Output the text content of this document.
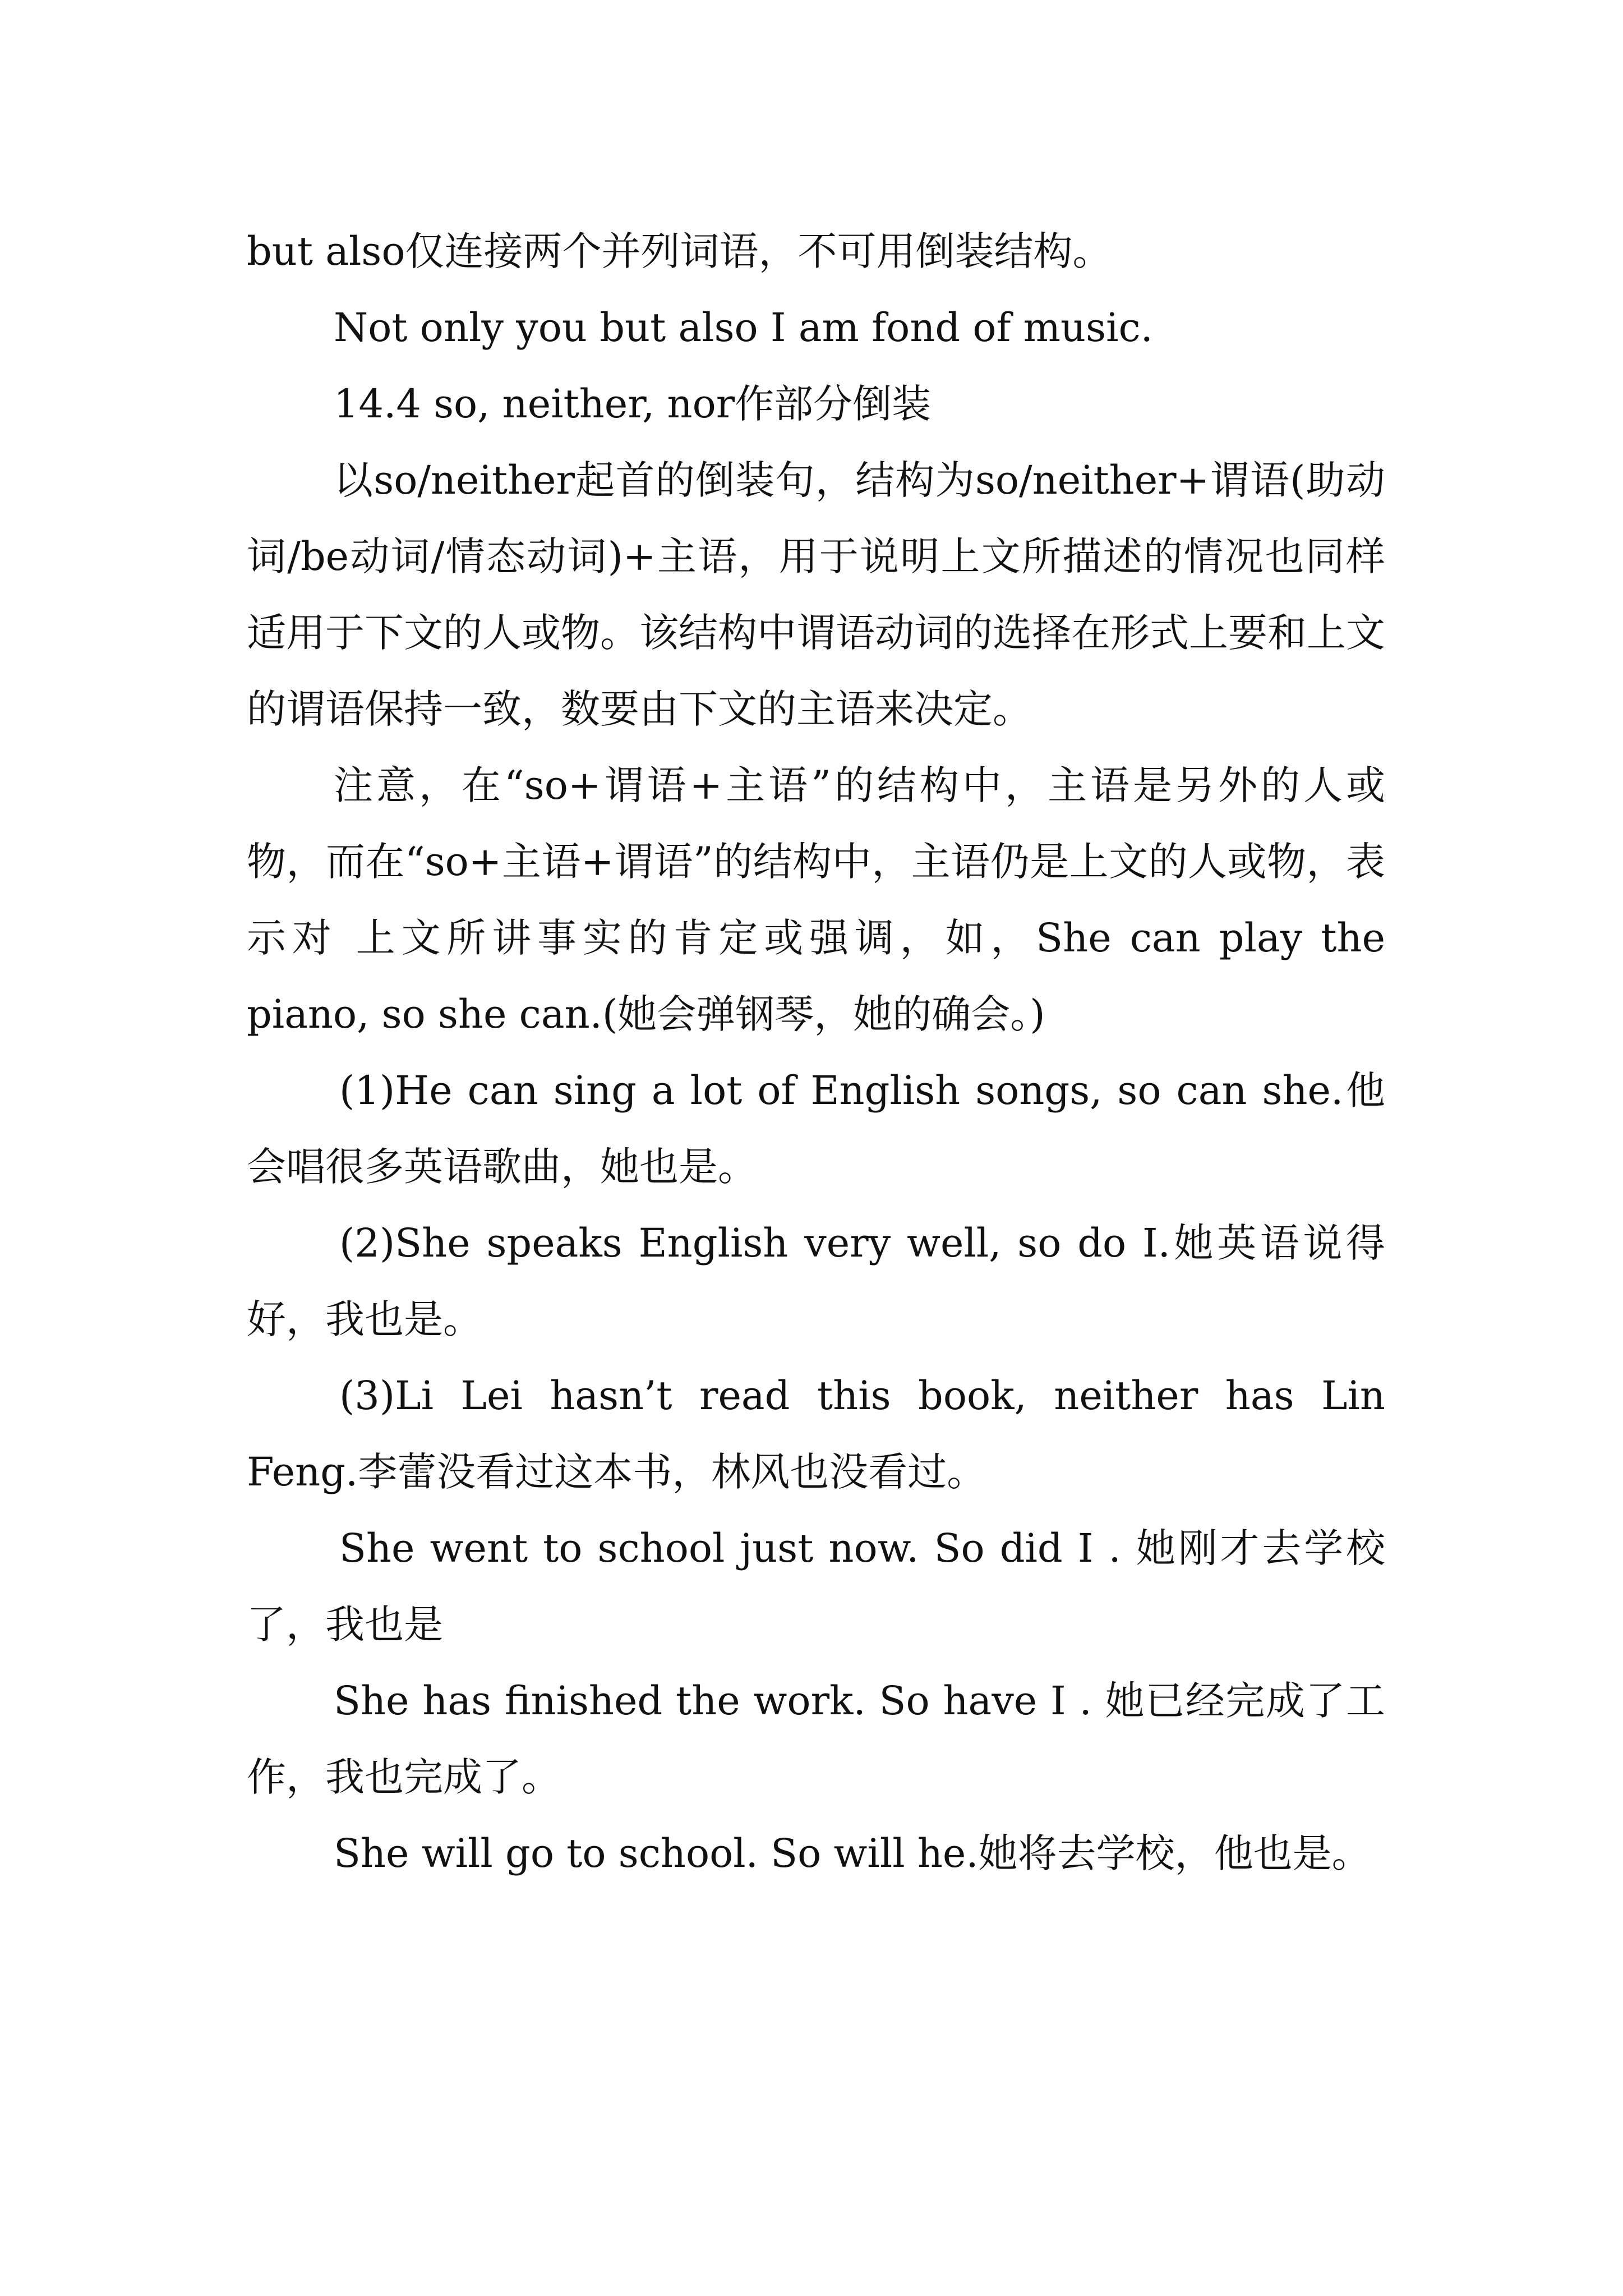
but also仅连接两个并列词语，不可用倒装结构。

Not only you but also I am fond of music.

14.4 so, neither, nor作部分倒装

以so/neither起首的倒装句，结构为so/neither+谓语(助动词/be动词/情态动词)+主语，用于说明上文所描述的情况也同样适用于下文的人或物。该结构中谓语动词的选择在形式上要和上文的谓语保持一致，数要由下文的主语来决定。

注意，在“so+谓语+主语”的结构中，主语是另外的人或物，而在“so+主语+谓语”的结构中，主语仍是上文的人或物，表示对 上文所讲事实的肯定或强调，如，She can play the piano, so she can.(她会弹钢琴，她的确会。)

(1)He can sing a lot of English songs, so can she.他会唱很多英语歌曲，她也是。

(2)She speaks English very well, so do I.她英语说得好，我也是。

(3)Li Lei hasn’t read this book, neither has Lin Feng.李蕾没看过这本书，林风也没看过。

She went to school just now. So did I . 她刚才去学校了，我也是

She has finished the work. So have I . 她已经完成了工作，我也完成了。

She will go to school. So will he.她将去学校，他也是。
